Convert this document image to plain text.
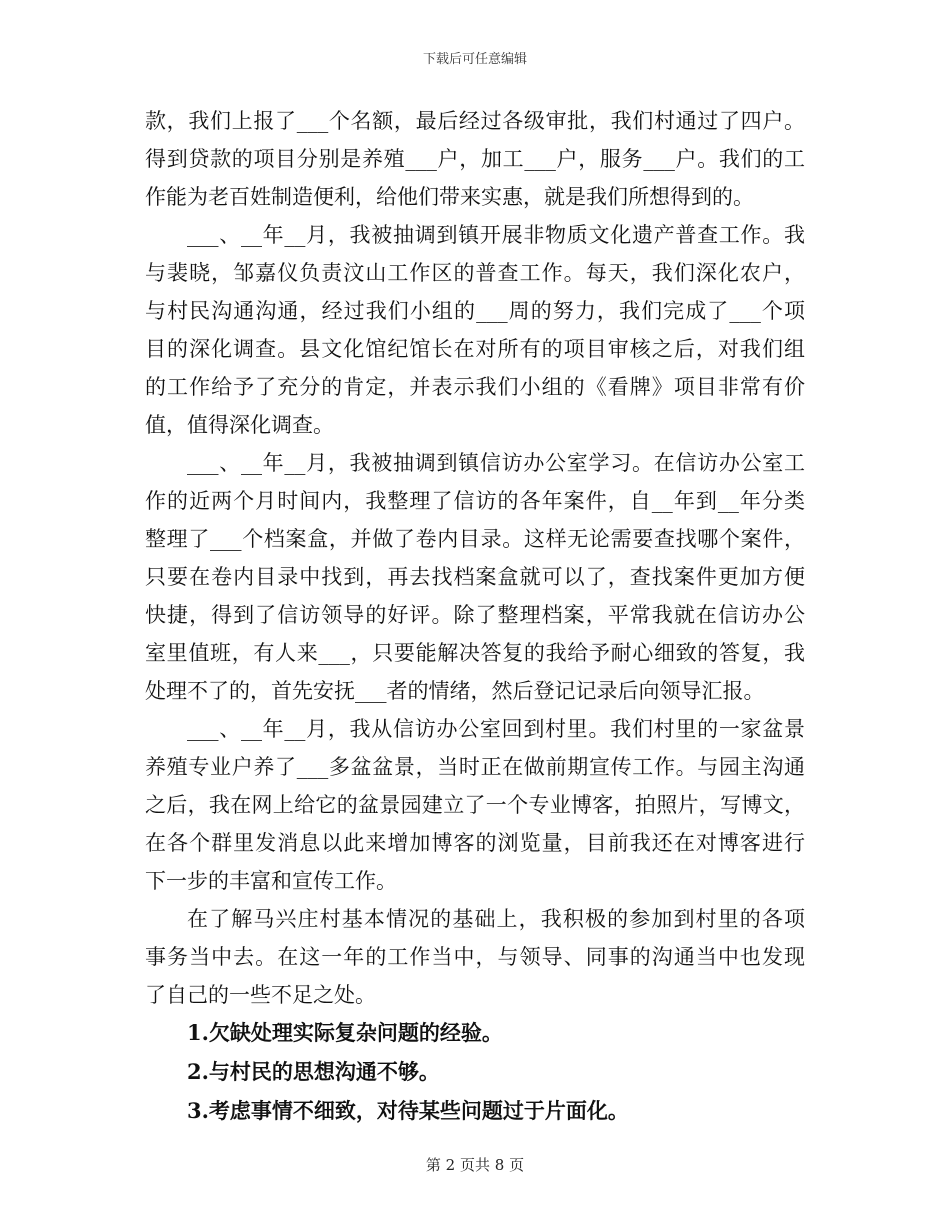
下载后可任意编辑
款，我们上报了___个名额，最后经过各级审批，我们村通过了四户。
得到贷款的项目分别是养殖___户，加工___户，服务___户。我们的工
作能为老百姓制造便利，给他们带来实惠，就是我们所想得到的。
___、__年__月，我被抽调到镇开展非物质文化遗产普查工作。我
与裴晓，邹嘉仪负责汶山工作区的普查工作。每天，我们深化农户，
与村民沟通沟通，经过我们小组的___周的努力，我们完成了___个项
目的深化调查。县文化馆纪馆长在对所有的项目审核之后，对我们组
的工作给予了充分的肯定，并表示我们小组的《看牌》项目非常有价
值，值得深化调查。
___、__年__月，我被抽调到镇信访办公室学习。在信访办公室工
作的近两个月时间内，我整理了信访的各年案件，自__年到__年分类
整理了___个档案盒，并做了卷内目录。这样无论需要查找哪个案件，
只要在卷内目录中找到，再去找档案盒就可以了，查找案件更加方便
快捷，得到了信访领导的好评。除了整理档案，平常我就在信访办公
室里值班，有人来___，只要能解决答复的我给予耐心细致的答复，我
处理不了的，首先安抚___者的情绪，然后登记记录后向领导汇报。
___、__年__月，我从信访办公室回到村里。我们村里的一家盆景
养殖专业户养了___多盆盆景，当时正在做前期宣传工作。与园主沟通
之后，我在网上给它的盆景园建立了一个专业博客，拍照片，写博文，
在各个群里发消息以此来增加博客的浏览量，目前我还在对博客进行
下一步的丰富和宣传工作。
在了解马兴庄村基本情况的基础上，我积极的参加到村里的各项
事务当中去。在这一年的工作当中，与领导、同事的沟通当中也发现
了自己的一些不足之处。
1.欠缺处理实际复杂问题的经验。
2.与村民的思想沟通不够。
3.考虑事情不细致，对待某些问题过于片面化。
第 2 页共 8 页
